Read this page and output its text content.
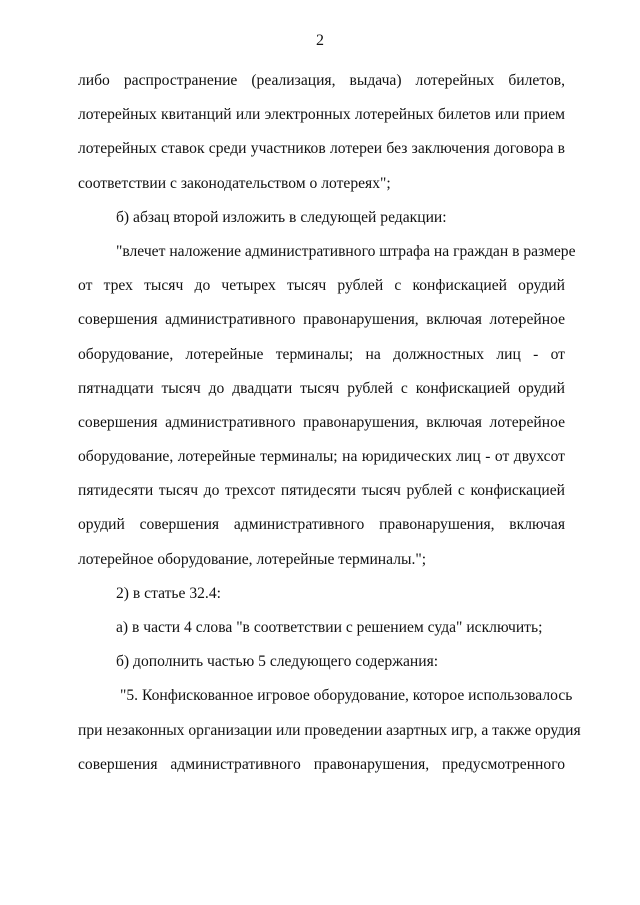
2
либо распространение (реализация, выдача) лотерейных билетов,
лотерейных квитанций или электронных лотерейных билетов или прием
лотерейных ставок среди участников лотереи без заключения договора в
соответствии с законодательством о лотереях";
б) абзац второй изложить в следующей редакции:
"влечет наложение административного штрафа на граждан в размере
от трех тысяч до четырех тысяч рублей с конфискацией орудий
совершения административного правонарушения, включая лотерейное
оборудование, лотерейные терминалы; на должностных лиц - от
пятнадцати тысяч до двадцати тысяч рублей с конфискацией орудий
совершения административного правонарушения, включая лотерейное
оборудование, лотерейные терминалы; на юридических лиц - от двухсот
пятидесяти тысяч до трехсот пятидесяти тысяч рублей с конфискацией
орудий совершения административного правонарушения, включая
лотерейное оборудование, лотерейные терминалы.";
2) в статье 32.4:
а) в части 4 слова "в соответствии с решением суда" исключить;
б) дополнить частью 5 следующего содержания:
"5. Конфискованное игровое оборудование, которое использовалось
при незаконных организации или проведении азартных игр, а также орудия
совершения административного правонарушения, предусмотренного
